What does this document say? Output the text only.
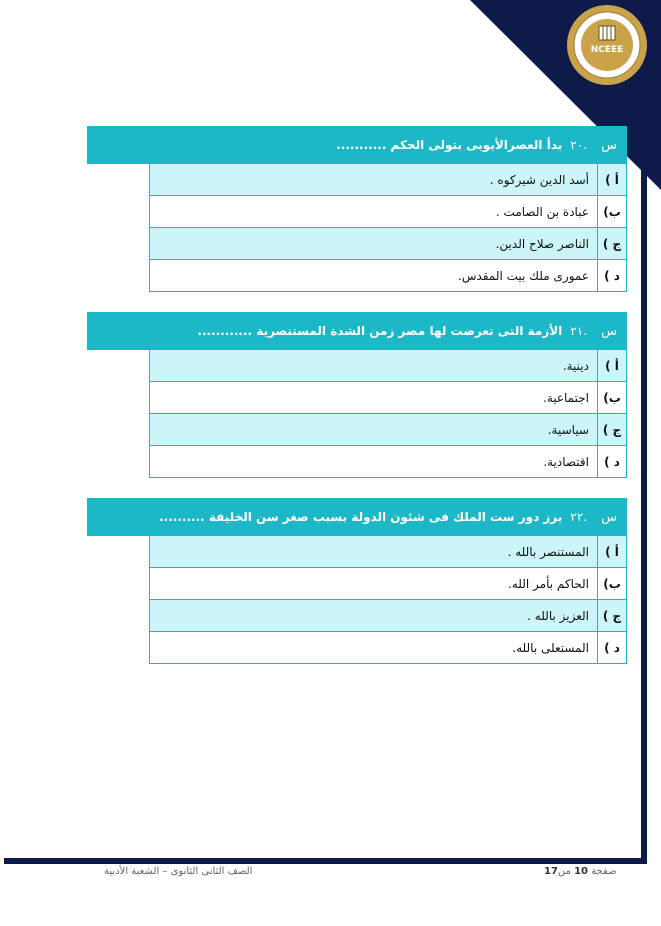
NCEEE
س
.٢٠
بدأ العصرالأيوبى بتولى الحكم ...........
أ )
أسد الدين شيركوه .
ب)
عبادة بن الصامت .
ج )
الناصر صلاح الدين.
د )
عمورى ملك بيت المقدس.
س
.٢١
الأزمة التى تعرضت لها مصر زمن الشدة المستنصرية ............
أ )
دينية.
ب)
اجتماعية.
ج )
سياسية.
د )
اقتصادية.
س
.٢٢
برز دور ست الملك فى شئون الدولة بسبب صغر سن الخليفة ..........
أ )
المستنصر بالله .
ب)
الحاكم بأمر الله.
ج )
العزيز بالله .
د )
المستعلى بالله.
الصف الثانى الثانوى – الشعبة الأدبية	صفحة 10 من17
